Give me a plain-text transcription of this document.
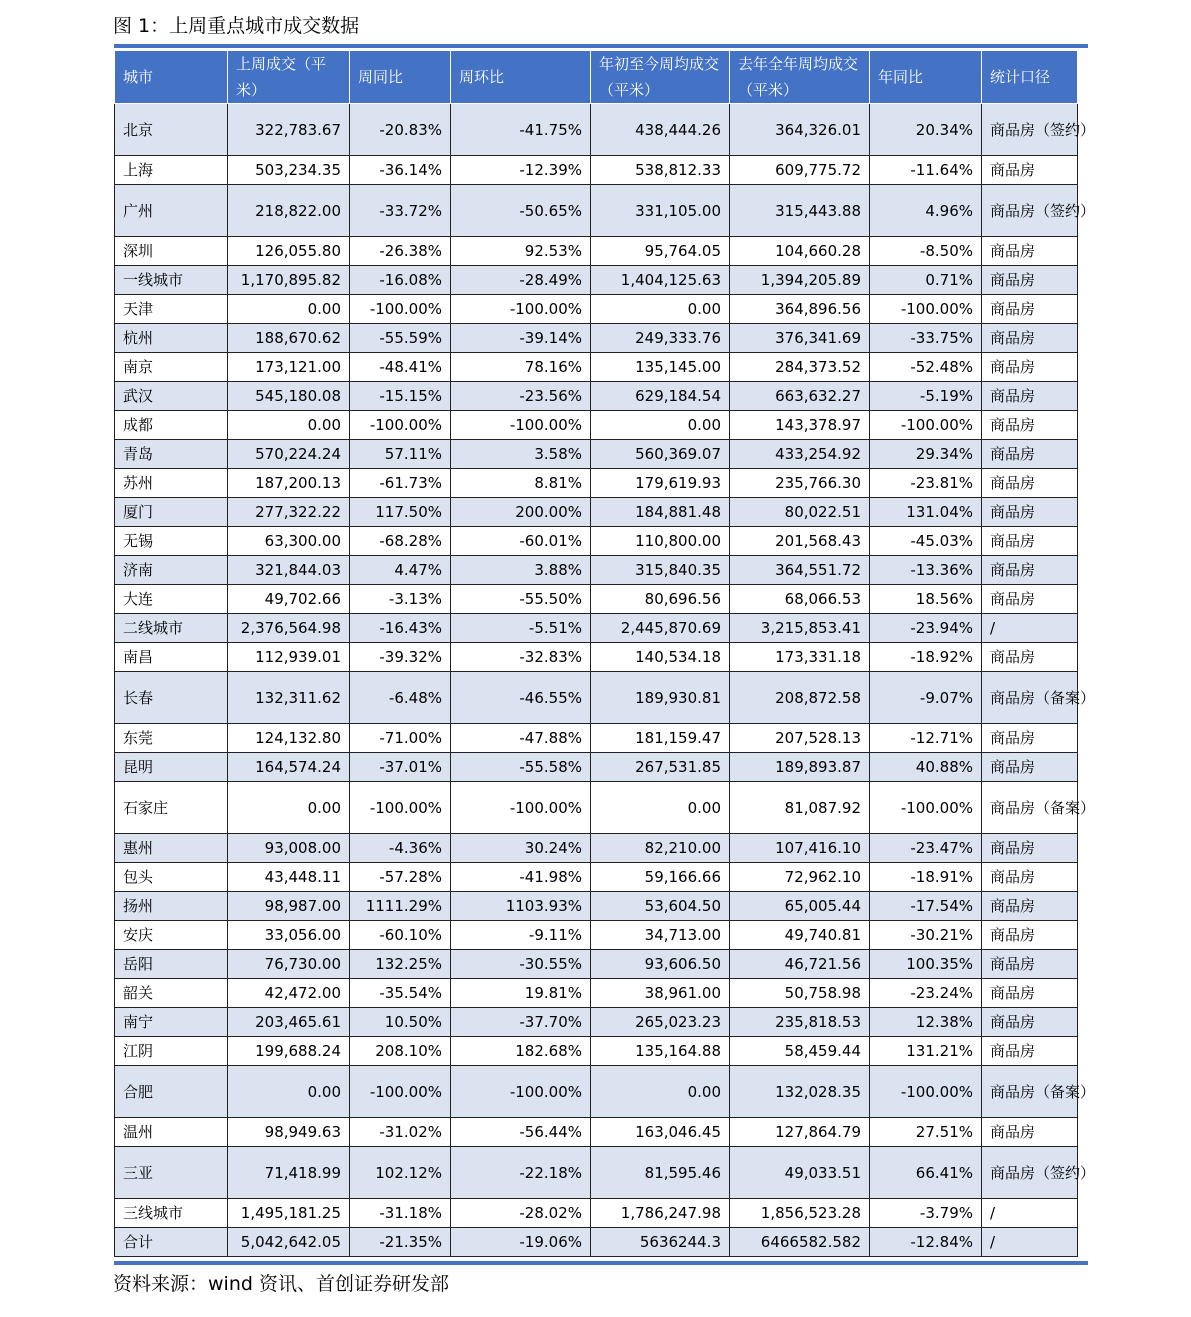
图 1：上周重点城市成交数据
城市	上周成交（平米）	周同比	周环比	年初至今周均成交（平米）	去年全年周均成交（平米）	年同比	统计口径
北京	322,783.67	-20.83%	-41.75%	438,444.26	364,326.01	20.34%	商品房（签约）
上海	503,234.35	-36.14%	-12.39%	538,812.33	609,775.72	-11.64%	商品房
广州	218,822.00	-33.72%	-50.65%	331,105.00	315,443.88	4.96%	商品房（签约）
深圳	126,055.80	-26.38%	92.53%	95,764.05	104,660.28	-8.50%	商品房
一线城市	1,170,895.82	-16.08%	-28.49%	1,404,125.63	1,394,205.89	0.71%	商品房
天津	0.00	-100.00%	-100.00%	0.00	364,896.56	-100.00%	商品房
杭州	188,670.62	-55.59%	-39.14%	249,333.76	376,341.69	-33.75%	商品房
南京	173,121.00	-48.41%	78.16%	135,145.00	284,373.52	-52.48%	商品房
武汉	545,180.08	-15.15%	-23.56%	629,184.54	663,632.27	-5.19%	商品房
成都	0.00	-100.00%	-100.00%	0.00	143,378.97	-100.00%	商品房
青岛	570,224.24	57.11%	3.58%	560,369.07	433,254.92	29.34%	商品房
苏州	187,200.13	-61.73%	8.81%	179,619.93	235,766.30	-23.81%	商品房
厦门	277,322.22	117.50%	200.00%	184,881.48	80,022.51	131.04%	商品房
无锡	63,300.00	-68.28%	-60.01%	110,800.00	201,568.43	-45.03%	商品房
济南	321,844.03	4.47%	3.88%	315,840.35	364,551.72	-13.36%	商品房
大连	49,702.66	-3.13%	-55.50%	80,696.56	68,066.53	18.56%	商品房
二线城市	2,376,564.98	-16.43%	-5.51%	2,445,870.69	3,215,853.41	-23.94%	/
南昌	112,939.01	-39.32%	-32.83%	140,534.18	173,331.18	-18.92%	商品房
长春	132,311.62	-6.48%	-46.55%	189,930.81	208,872.58	-9.07%	商品房（备案）
东莞	124,132.80	-71.00%	-47.88%	181,159.47	207,528.13	-12.71%	商品房
昆明	164,574.24	-37.01%	-55.58%	267,531.85	189,893.87	40.88%	商品房
石家庄	0.00	-100.00%	-100.00%	0.00	81,087.92	-100.00%	商品房（备案）
惠州	93,008.00	-4.36%	30.24%	82,210.00	107,416.10	-23.47%	商品房
包头	43,448.11	-57.28%	-41.98%	59,166.66	72,962.10	-18.91%	商品房
扬州	98,987.00	1111.29%	1103.93%	53,604.50	65,005.44	-17.54%	商品房
安庆	33,056.00	-60.10%	-9.11%	34,713.00	49,740.81	-30.21%	商品房
岳阳	76,730.00	132.25%	-30.55%	93,606.50	46,721.56	100.35%	商品房
韶关	42,472.00	-35.54%	19.81%	38,961.00	50,758.98	-23.24%	商品房
南宁	203,465.61	10.50%	-37.70%	265,023.23	235,818.53	12.38%	商品房
江阴	199,688.24	208.10%	182.68%	135,164.88	58,459.44	131.21%	商品房
合肥	0.00	-100.00%	-100.00%	0.00	132,028.35	-100.00%	商品房（备案）
温州	98,949.63	-31.02%	-56.44%	163,046.45	127,864.79	27.51%	商品房
三亚	71,418.99	102.12%	-22.18%	81,595.46	49,033.51	66.41%	商品房（签约）
三线城市	1,495,181.25	-31.18%	-28.02%	1,786,247.98	1,856,523.28	-3.79%	/
合计	5,042,642.05	-21.35%	-19.06%	5636244.3	6466582.582	-12.84%	/
资料来源：wind 资讯、首创证券研发部
